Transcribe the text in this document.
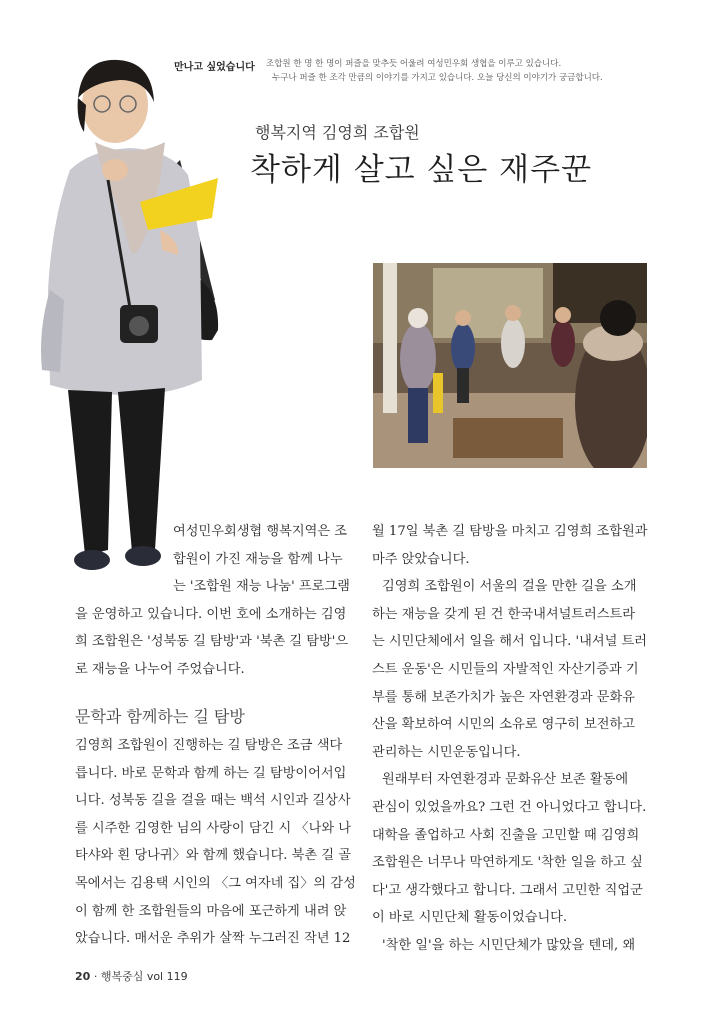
만나고 싶었습니다 조합원 한 명 한 명이 퍼즐을 맞추듯 어울려 여성민우회 생협을 이루고 있습니다.
누구나 퍼즐 한 조각 만큼의 이야기를 가지고 있습니다. 오늘 당신의 이야기가 궁금합니다.
행복지역 김영희 조합원
착하게 살고 싶은 재주꾼
여성민우회생협 행복지역은 조
합원이 가진 재능을 함께 나누
는 '조합원 재능 나눔' 프로그램
을 운영하고 있습니다. 이번 호에 소개하는 김영
희 조합원은 '성북동 길 탐방'과 '북촌 길 탐방'으
로 재능을 나누어 주었습니다.
문학과 함께하는 길 탐방
김영희 조합원이 진행하는 길 탐방은 조금 색다
릅니다. 바로 문학과 함께 하는 길 탐방이어서입
니다. 성북동 길을 걸을 때는 백석 시인과 길상사
를 시주한 김영한 님의 사랑이 담긴 시 〈나와 나
타샤와 흰 당나귀〉와 함께 했습니다. 북촌 길 골
목에서는 김용택 시인의 〈그 여자네 집〉의 감성
이 함께 한 조합원들의 마음에 포근하게 내려 앉
았습니다. 매서운 추위가 살짝 누그러진 작년 12
월 17일 북촌 길 탐방을 마치고 김영희 조합원과
마주 앉았습니다.
김영희 조합원이 서울의 걸을 만한 길을 소개
하는 재능을 갖게 된 건 한국내셔널트러스트라
는 시민단체에서 일을 해서 입니다. '내셔널 트러
스트 운동'은 시민들의 자발적인 자산기증과 기
부를 통해 보존가치가 높은 자연환경과 문화유
산을 확보하여 시민의 소유로 영구히 보전하고
관리하는 시민운동입니다.
원래부터 자연환경과 문화유산 보존 활동에
관심이 있었을까요? 그런 건 아니었다고 합니다.
대학을 졸업하고 사회 진출을 고민할 때 김영희
조합원은 너무나 막연하게도 '착한 일을 하고 싶
다'고 생각했다고 합니다. 그래서 고민한 직업군
이 바로 시민단체 활동이었습니다.
'착한 일'을 하는 시민단체가 많았을 텐데, 왜
20 · 행복중심 vol 119
